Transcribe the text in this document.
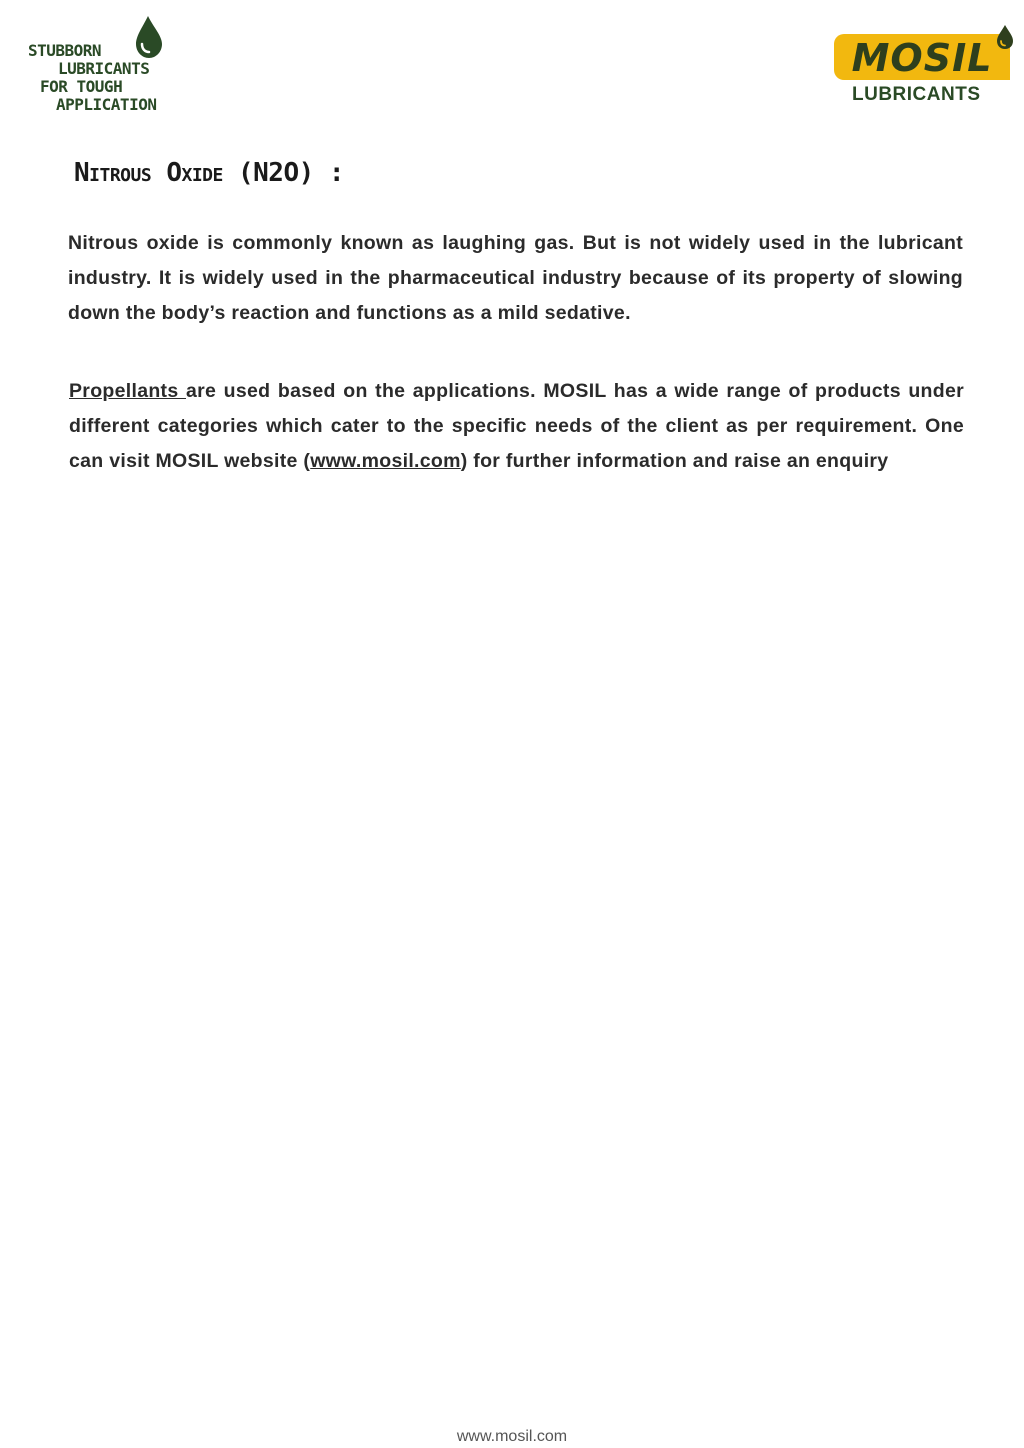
STUBBORN
LUBRICANTS
FOR TOUGH
APPLICATION
MOSIL
LUBRICANTS
Nitrous Oxide (N2O) :
Nitrous oxide is commonly known as laughing gas. But is not widely used in the lubricant industry. It is widely used in the pharmaceutical industry because of its property of slowing down the body’s reaction and functions as a mild sedative.
Propellants are used based on the applications. MOSIL has a wide range of products under different categories which cater to the specific needs of the client as per requirement. One can visit MOSIL website (www.mosil.com) for further information and raise an enquiry
www.mosil.com
